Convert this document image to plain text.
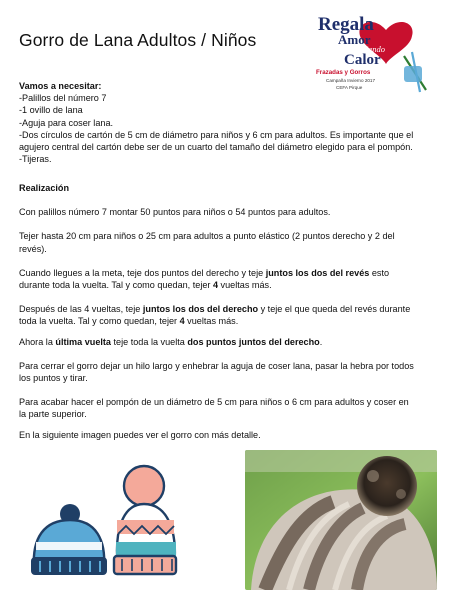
Gorro de Lana Adultos / Niños
Regala
Amor
Tejiendo
Calor
Frazadas y Gorros
Campaña Invierno 2017
CEFA Pirque

Vamos a necesitar:

-Palillos del número 7

-1 ovillo de lana

-Aguja para coser lana.

-Dos círculos de cartón de 5 cm de diámetro para niños y 6 cm para adultos. Es importante que el agujero central del cartón debe ser de un cuarto del tamaño del diámetro elegido para el pompón.

-Tijeras.

Realización

Con palillos número 7 montar 50 puntos para niños o 54 puntos para adultos.

Tejer hasta 20 cm para niños o 25 cm para adultos a punto elástico (2 puntos derecho y 2 del revés).

Cuando llegues a la meta, teje dos puntos del derecho y teje juntos los dos del revés esto durante toda la vuelta. Tal y como quedan, tejer 4 vueltas más.

Después de las 4 vueltas, teje juntos los dos del derecho y teje el que queda del revés durante toda la vuelta. Tal y como quedan, tejer 4 vueltas más.

Ahora la última vuelta teje toda la vuelta dos puntos juntos del derecho.

Para cerrar el gorro dejar un hilo largo y enhebrar la aguja de coser lana, pasar la hebra por todos los puntos y tirar.

Para acabar hacer el pompón de un diámetro de 5 cm para niños o 6 cm para adultos y coser en la parte superior.

En la siguiente imagen puedes ver el gorro con más detalle.
